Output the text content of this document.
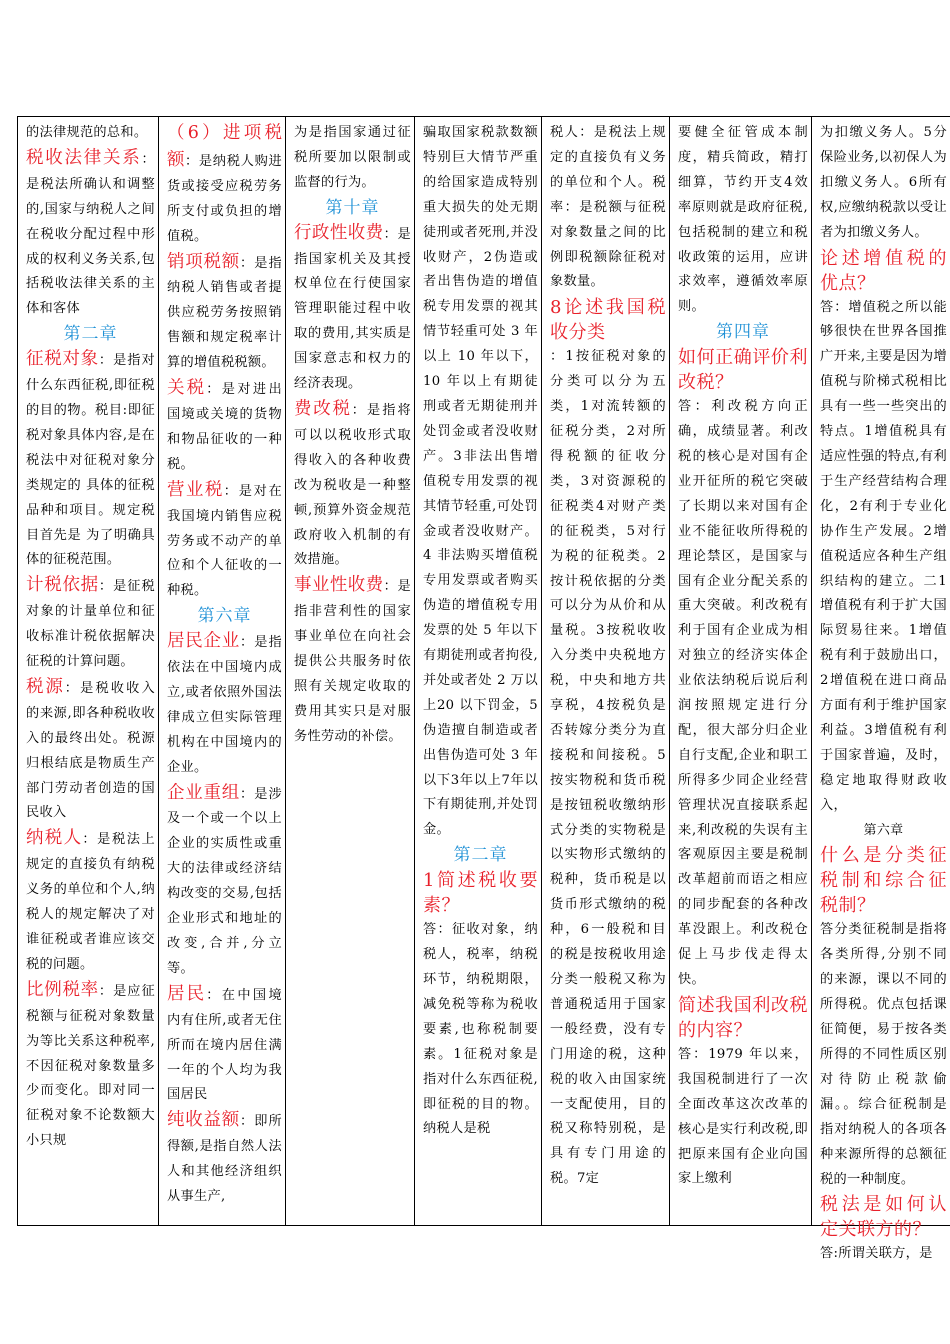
的法律规范的总和。

税收法律关系：是税法所确认和调整的,国家与纳税人之间在税收分配过程中形成的权利义务关系,包括税收法律关系的主体和客体

第二章

征税对象：是指对什么东西征税,即征税的目的物。税目:即征税对象具体内容,是在税法中对征税对象分类规定的 具体的征税品种和项目。规定税目首先是 为了明确具体的征税范围。

计税依据：是征税对象的计量单位和征收标准计税依据解决征税的计算问题。

税源：是税收收入的来源,即各种税收收入的最终出处。税源归根结底是物质生产部门劳动者创造的国民收入

纳税人：是税法上规定的直接负有纳税义务的单位和个人,纳税人的规定解决了对谁征税或者谁应该交税的问题。

比例税率：是应征税额与征税对象数量为等比关系这种税率,不因征税对象数量多少而变化。即对同一征税对象不论数额大小只规

（6）进项税额：是纳税人购进货或接受应税劳务所支付或负担的增值税。

销项税额：是指纳税人销售或者提供应税劳务按照销售额和规定税率计算的增值税税额。

关税：是对进出国境或关境的货物和物品征收的一种税。

营业税：是对在我国境内销售应税劳务或不动产的单位和个人征收的一种税。

第六章

居民企业：是指依法在中国境内成立,或者依照外国法律成立但实际管理机构在中国境内的企业。

企业重组：是涉及一个或一个以上企业的实质性或重大的法律或经济结构改变的交易,包括企业形式和地址的改变,合并,分立等。

居民：在中国境内有住所,或者无住所而在境内居住满一年的个人均为我国居民

纯收益额：即所得额,是指自然人法人和其他经济组织从事生产,

为是指国家通过征税所要加以限制或监督的行为。

第十章

行政性收费：是指国家机关及其授权单位在行使国家管理职能过程中收取的费用,其实质是国家意志和权力的经济表现。

费改税：是指将可以以税收形式取得收入的各种收费改为税收是一种整顿,预算外资金规范政府收入机制的有效措施。

事业性收费：是指非营利性的国家事业单位在向社会提供公共服务时依照有关规定收取的费用其实只是对服务性劳动的补偿。

骗取国家税款数额特别巨大情节严重的给国家造成特别重大损失的处无期徒刑或者死刑,并没收财产，2伪造或者出售伪造的增值税专用发票的视其情节轻重可处 3 年以上 10 年以下，10 年以上有期徒刑或者无期徒刑并处罚金或者没收财产。3非法出售增值税专用发票的视其情节轻重,可处罚金或者没收财产。4 非法购买增值税专用发票或者购买伪造的增值税专用发票的处 5 年以下有期徒刑或者拘役,并处或者处 2 万以上20 以下罚金，5伪造擅自制造或者出售伪造可处 3 年以下3年以上7年以下有期徒刑,并处罚金。

第二章
1简述税收要素？

答：征收对象，纳税人，税率，纳税环节，纳税期限，减免税等称为税收要素,也称税制要素。1征税对象是指对什么东西征税,即征税的目的物。纳税人是税

税人：是税法上规定的直接负有义务的单位和个人。税率：是税额与征税对象数量之间的比例即税额除征税对象数量。

8论述我国税收分类

：1按征税对象的分类可以分为五类，1对流转额的征税分类，2对所得税额的征收分类，3对资源税的征税类4对财产类的征税类，5对行为税的征税类。2按计税依据的分类可以分为从价和从量税。3按税收收入分类中央税地方税，中央和地方共享税，4按税负是否转嫁分类分为直接税和间接税。5按实物税和货币税是按钮税收缴纳形式分类的实物税是以实物形式缴纳的税种，货币税是以货币形式缴纳的税种，6一般税和目的税是按税收用途分类一般税又称为普通税适用于国家一般经费，没有专门用途的税，这种税的收入由国家统一支配使用，目的税又称特别税，是具有专门用途的税。7定

要健全征管成本制度，精兵简政，精打细算，节约开支4效率原则就是政府征税,包括税制的建立和税收政策的运用，应讲求效率，遵循效率原则。

第四章
如何正确评价利改税？

答：利改税方向正确，成绩显著。利改税的核心是对国有企业开征所的税它突破了长期以来对国有企业不能征收所得税的理论禁区，是国家与国有企业分配关系的重大突破。利改税有利于国有企业成为相对独立的经济实体企业依法纳税后说后利润按照规定进行分配，很大部分归企业自行支配,企业和职工所得多少同企业经营管理状况直接联系起来,利改税的失误有主客观原因主要是税制改革超前而语之相应的同步配套的各种改革没跟上。利改税仓促上马步伐走得太快。

简述我国利改税的内容？

答：1979 年以来，我国税制进行了一次全面改革这次改革的核心是实行利改税,即把原来国有企业向国家上缴利

为扣缴义务人。5分保险业务,以初保人为扣缴义务人。6所有权,应缴纳税款以受让者为扣缴义务人。

论述增值税的优点？

答：增值税之所以能够很快在世界各国推广开来,主要是因为增值税与阶梯式税相比具有一些一些突出的特点。1增值税具有适应性强的特点,有利于生产经营结构合理化，2有利于专业化协作生产发展。2增值税适应各种生产组织结构的建立。二1增值税有利于扩大国际贸易往来。1增值税有利于鼓励出口，2增值税在进口商品方面有利于维护国家利益。3增值税有利于国家普遍，及时，稳定地取得财政收入，

第六章
什么是分类征税制和综合征税制？

答分类征税制是指将各类所得,分别不同 的来源，课以不同的所得税。优点包括课征简便，易于按各类所得的不同性质区别对待防止税款偷漏。。综合征税制是指对纳税人的各项各种来源所得的总额征税的一种制度。

税法是如何认定关联方的？

答:所谓关联方，是
